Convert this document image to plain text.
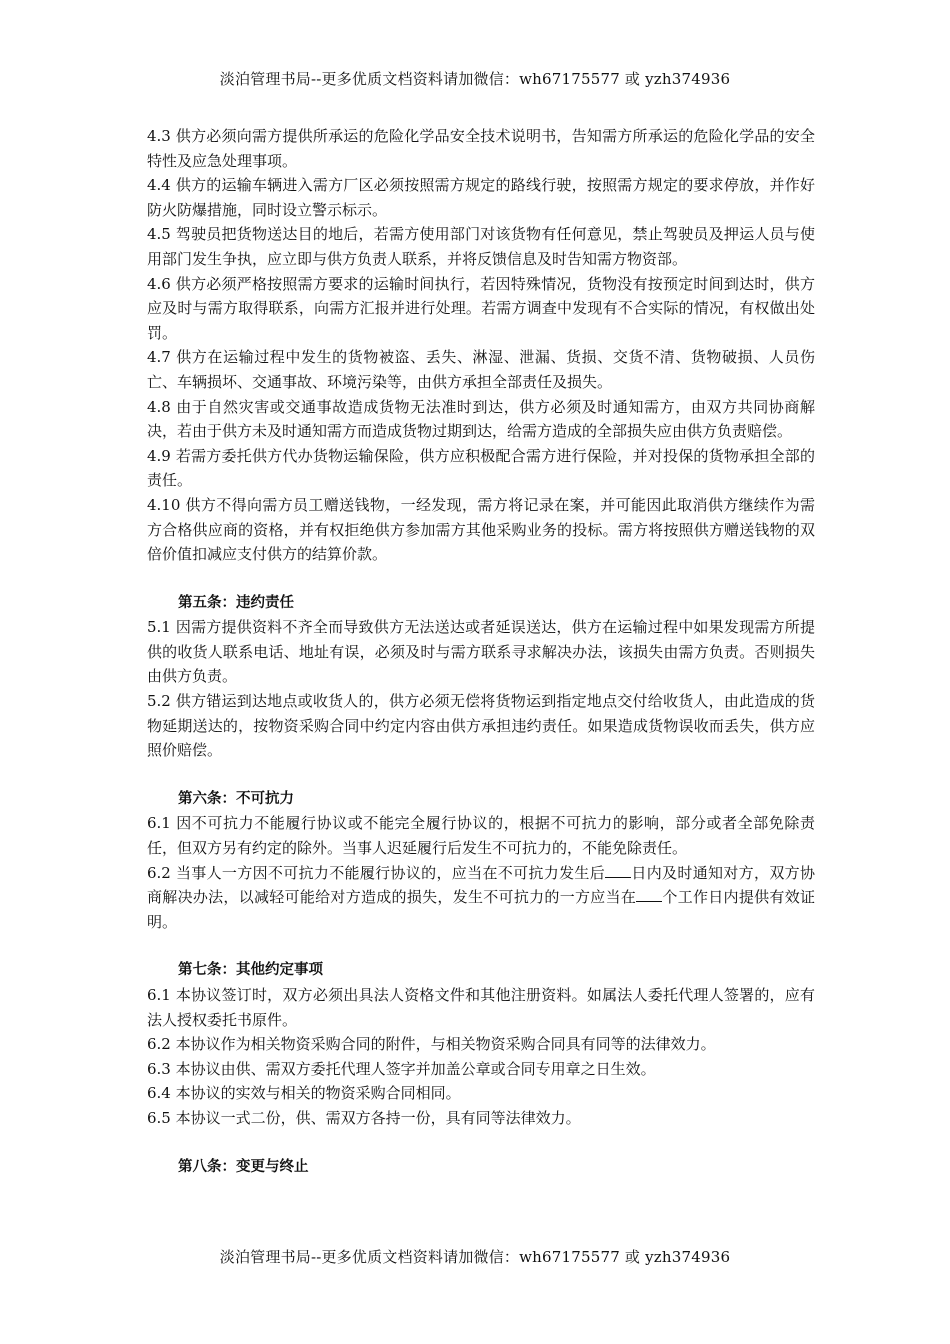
淡泊管理书局--更多优质文档资料请加微信：wh67175577 或 yzh374936

4.3 供方必须向需方提供所承运的危险化学品安全技术说明书，告知需方所承运的危险化学品的安全特性及应急处理事项。

4.4 供方的运输车辆进入需方厂区必须按照需方规定的路线行驶，按照需方规定的要求停放，并作好防火防爆措施，同时设立警示标示。

4.5 驾驶员把货物送达目的地后，若需方使用部门对该货物有任何意见，禁止驾驶员及押运人员与使用部门发生争执，应立即与供方负责人联系，并将反馈信息及时告知需方物资部。

4.6 供方必须严格按照需方要求的运输时间执行，若因特殊情况，货物没有按预定时间到达时，供方应及时与需方取得联系，向需方汇报并进行处理。若需方调查中发现有不合实际的情况，有权做出处罚。

4.7 供方在运输过程中发生的货物被盗、丢失、淋湿、泄漏、货损、交货不清、货物破损、人员伤亡、车辆损坏、交通事故、环境污染等，由供方承担全部责任及损失。

4.8 由于自然灾害或交通事故造成货物无法准时到达，供方必须及时通知需方，由双方共同协商解决，若由于供方未及时通知需方而造成货物过期到达，给需方造成的全部损失应由供方负责赔偿。

4.9 若需方委托供方代办货物运输保险，供方应积极配合需方进行保险，并对投保的货物承担全部的责任。

4.10 供方不得向需方员工赠送钱物，一经发现，需方将记录在案，并可能因此取消供方继续作为需方合格供应商的资格，并有权拒绝供方参加需方其他采购业务的投标。需方将按照供方赠送钱物的双倍价值扣减应支付供方的结算价款。

第五条：违约责任

5.1 因需方提供资料不齐全而导致供方无法送达或者延误送达，供方在运输过程中如果发现需方所提供的收货人联系电话、地址有误，必须及时与需方联系寻求解决办法，该损失由需方负责。否则损失由供方负责。

5.2 供方错运到达地点或收货人的，供方必须无偿将货物运到指定地点交付给收货人，由此造成的货物延期送达的，按物资采购合同中约定内容由供方承担违约责任。如果造成货物误收而丢失，供方应照价赔偿。

第六条：不可抗力

6.1 因不可抗力不能履行协议或不能完全履行协议的，根据不可抗力的影响，部分或者全部免除责任，但双方另有约定的除外。当事人迟延履行后发生不可抗力的，不能免除责任。

6.2 当事人一方因不可抗力不能履行协议的，应当在不可抗力发生后 日内及时通知对方，双方协商解决办法，以减轻可能给对方造成的损失，发生不可抗力的一方应当在 个工作日内提供有效证明。

第七条：其他约定事项

6.1 本协议签订时，双方必须出具法人资格文件和其他注册资料。如属法人委托代理人签署的，应有法人授权委托书原件。

6.2 本协议作为相关物资采购合同的附件，与相关物资采购合同具有同等的法律效力。

6.3 本协议由供、需双方委托代理人签字并加盖公章或合同专用章之日生效。

6.4 本协议的实效与相关的物资采购合同相同。

6.5 本协议一式二份，供、需双方各持一份，具有同等法律效力。

第八条：变更与终止

淡泊管理书局--更多优质文档资料请加微信：wh67175577 或 yzh374936
